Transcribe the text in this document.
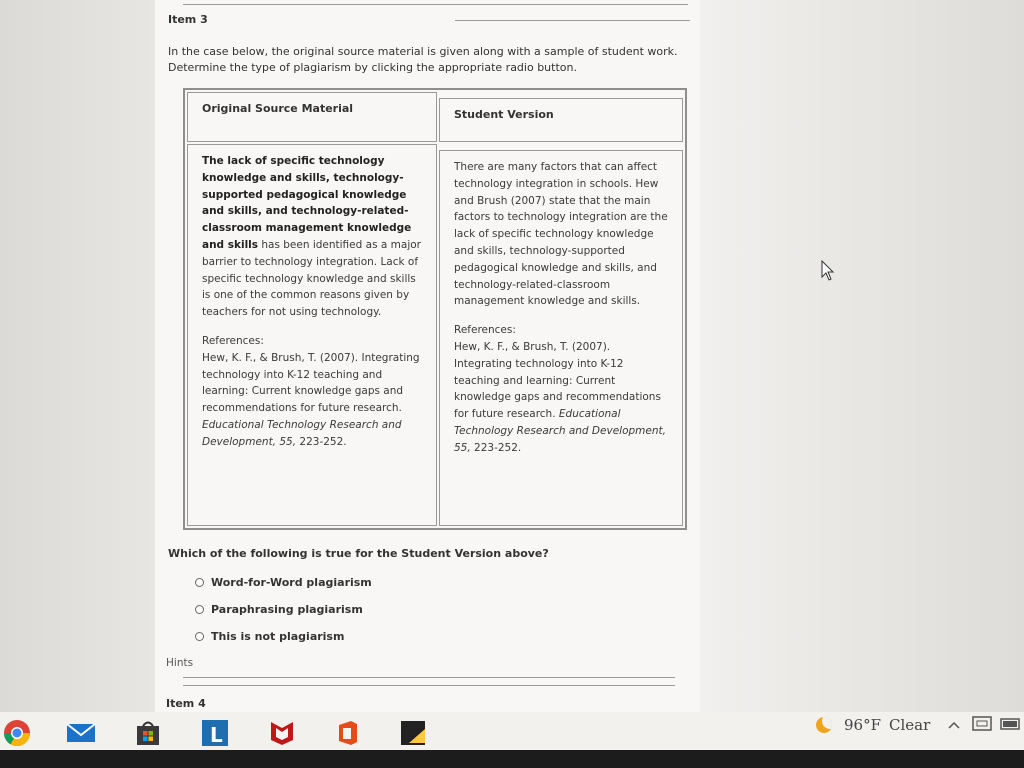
Item 3
In the case below, the original source material is given along with a sample of student work. Determine the type of plagiarism by clicking the appropriate radio button.
Original Source Material	Student Version
The lack of specific technology knowledge and skills, technology-supported pedagogical knowledge and skills, and technology-related-classroom management knowledge and skills has been identified as a major barrier to technology integration. Lack of specific technology knowledge and skills is one of the common reasons given by teachers for not using technology.
References:
Hew, K. F., & Brush, T. (2007). Integrating technology into K-12 teaching and learning: Current knowledge gaps and recommendations for future research. Educational Technology Research and Development, 55, 223-252.
There are many factors that can affect technology integration in schools. Hew and Brush (2007) state that the main factors to technology integration are the lack of specific technology knowledge and skills, technology-supported pedagogical knowledge and skills, and technology-related-classroom management knowledge and skills.
References:
Hew, K. F., & Brush, T. (2007). Integrating technology into K-12 teaching and learning: Current knowledge gaps and recommendations for future research. Educational Technology Research and Development, 55, 223-252.
Which of the following is true for the Student Version above?
Word-for-Word plagiarism
Paraphrasing plagiarism
This is not plagiarism
Hints
Item 4
L	96°F Clear
